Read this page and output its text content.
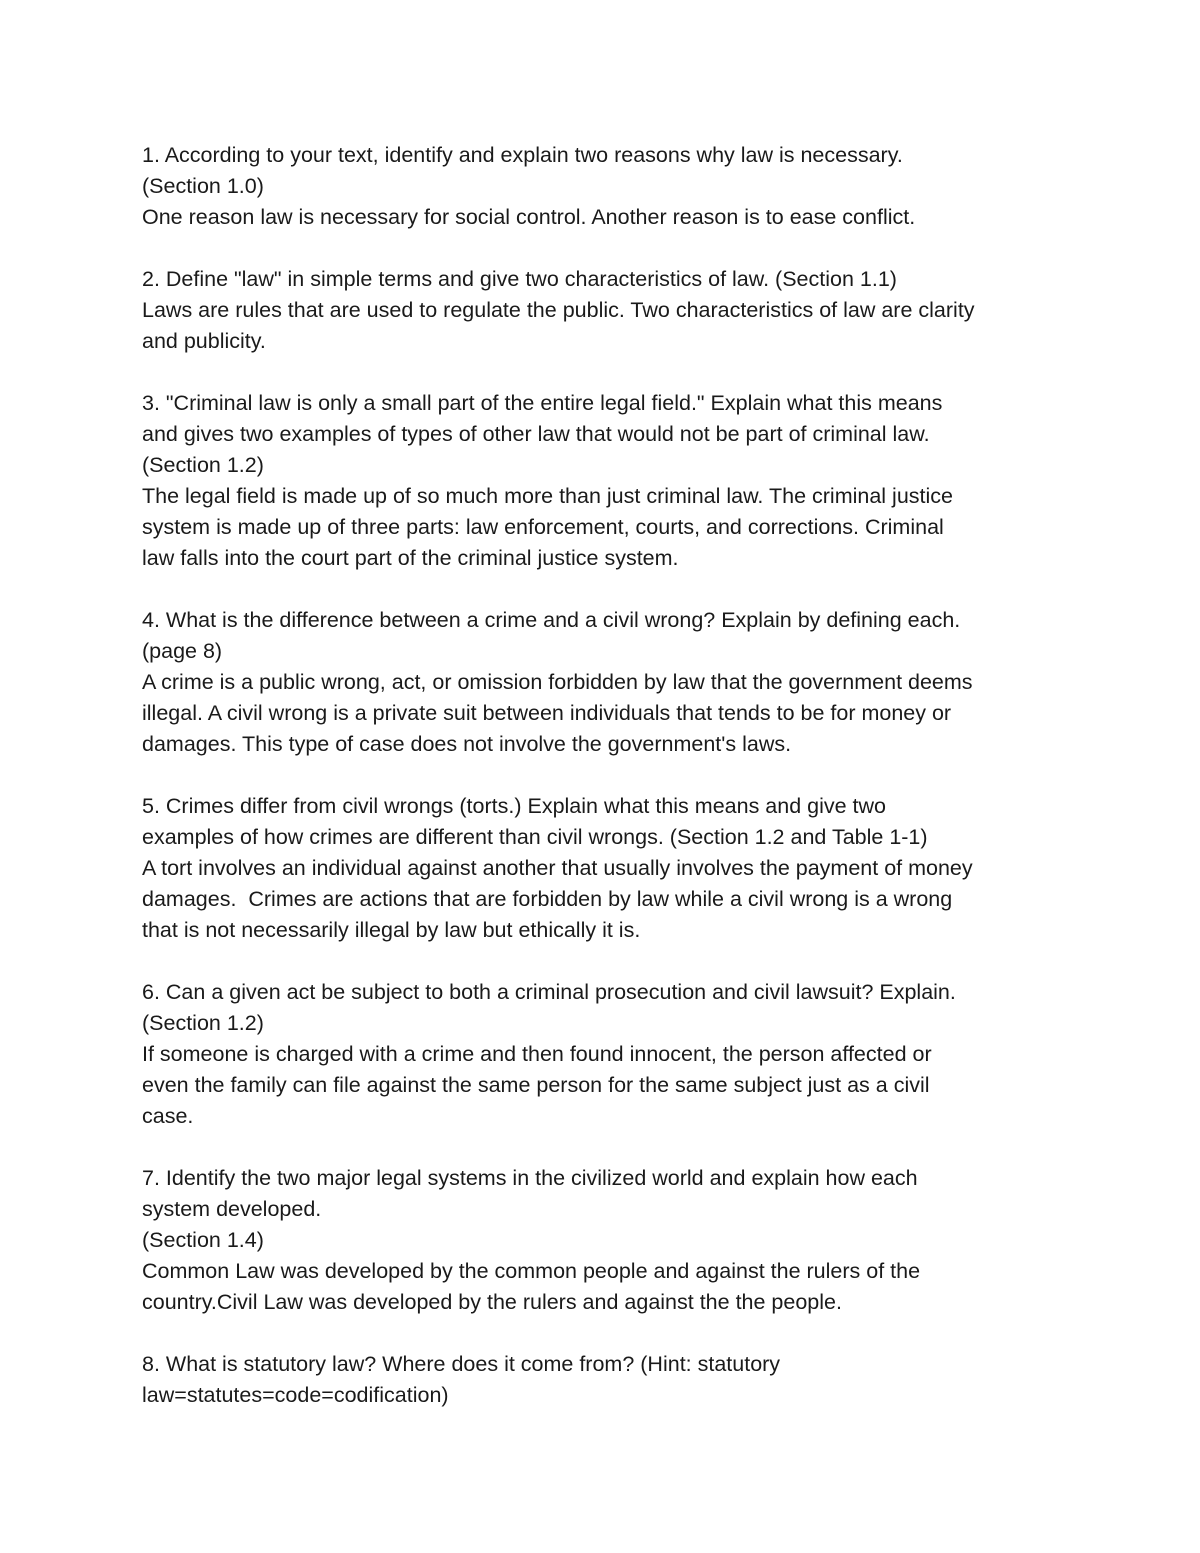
1. According to your text, identify and explain two reasons why law is necessary.
(Section 1.0)
One reason law is necessary for social control. Another reason is to ease conflict.
2. Define "law" in simple terms and give two characteristics of law. (Section 1.1)
Laws are rules that are used to regulate the public. Two characteristics of law are clarity
and publicity.
3. "Criminal law is only a small part of the entire legal field." Explain what this means
and gives two examples of types of other law that would not be part of criminal law.
(Section 1.2)
The legal field is made up of so much more than just criminal law. The criminal justice
system is made up of three parts: law enforcement, courts, and corrections. Criminal
law falls into the court part of the criminal justice system.
4. What is the difference between a crime and a civil wrong? Explain by defining each.
(page 8)
A crime is a public wrong, act, or omission forbidden by law that the government deems
illegal. A civil wrong is a private suit between individuals that tends to be for money or
damages. This type of case does not involve the government's laws.
5. Crimes differ from civil wrongs (torts.) Explain what this means and give two
examples of how crimes are different than civil wrongs. (Section 1.2 and Table 1-1)
A tort involves an individual against another that usually involves the payment of money
damages.  Crimes are actions that are forbidden by law while a civil wrong is a wrong
that is not necessarily illegal by law but ethically it is.
6. Can a given act be subject to both a criminal prosecution and civil lawsuit? Explain.
(Section 1.2)
If someone is charged with a crime and then found innocent, the person affected or
even the family can file against the same person for the same subject just as a civil
case.
7. Identify the two major legal systems in the civilized world and explain how each
system developed.
(Section 1.4)
Common Law was developed by the common people and against the rulers of the
country.Civil Law was developed by the rulers and against the the people.
8. What is statutory law? Where does it come from? (Hint: statutory
law=statutes=code=codification)
